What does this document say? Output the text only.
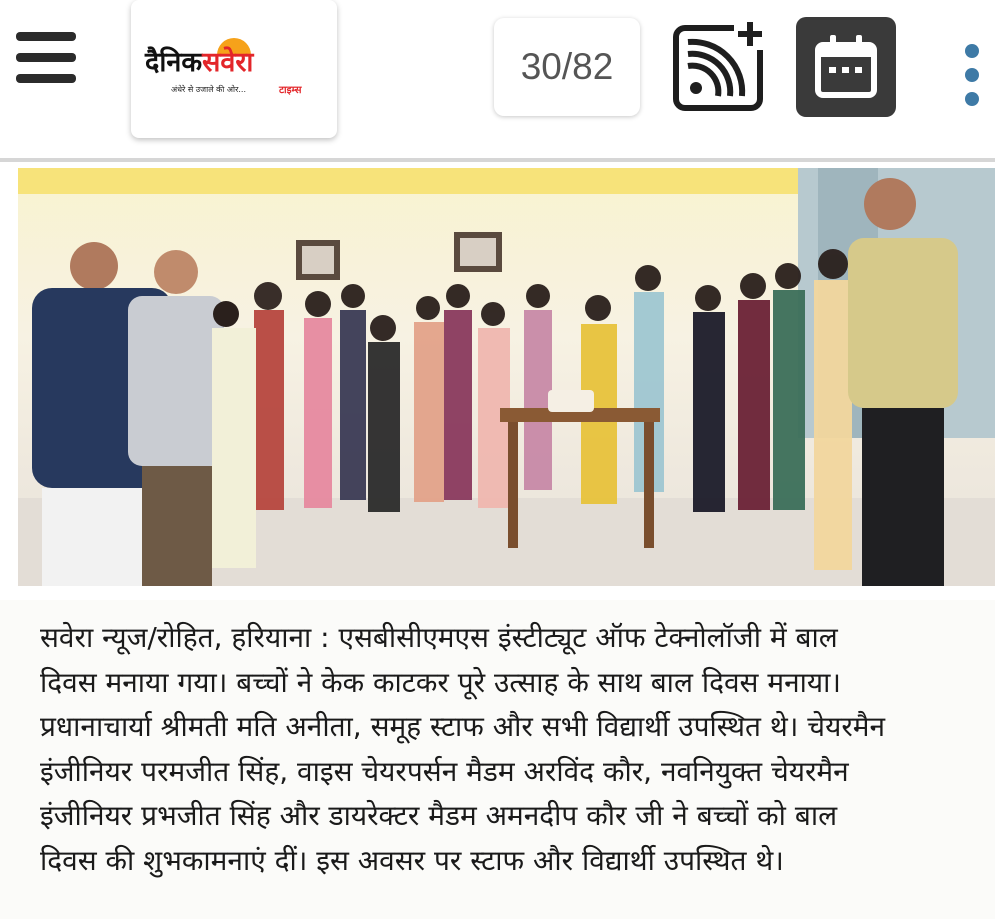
दैनिकसवेरा
अंधेरे से उजाले की ओर...	टाइम्स
30/82
सवेरा न्यूज/रोहित, हरियाना : एसबीसीएमएस इंस्टीट्यूट ऑफ टेक्नोलॉजी में बाल
दिवस मनाया गया। बच्चों ने केक काटकर पूरे उत्साह के साथ बाल दिवस मनाया।
प्रधानाचार्या श्रीमती मति अनीता, समूह स्टाफ और सभी विद्यार्थी उपस्थित थे। चेयरमैन
इंजीनियर परमजीत सिंह, वाइस चेयरपर्सन मैडम अरविंद कौर, नवनियुक्त चेयरमैन
इंजीनियर प्रभजीत सिंह और डायरेक्टर मैडम अमनदीप कौर जी ने बच्चों को बाल
दिवस की शुभकामनाएं दीं। इस अवसर पर स्टाफ और विद्यार्थी उपस्थित थे।
